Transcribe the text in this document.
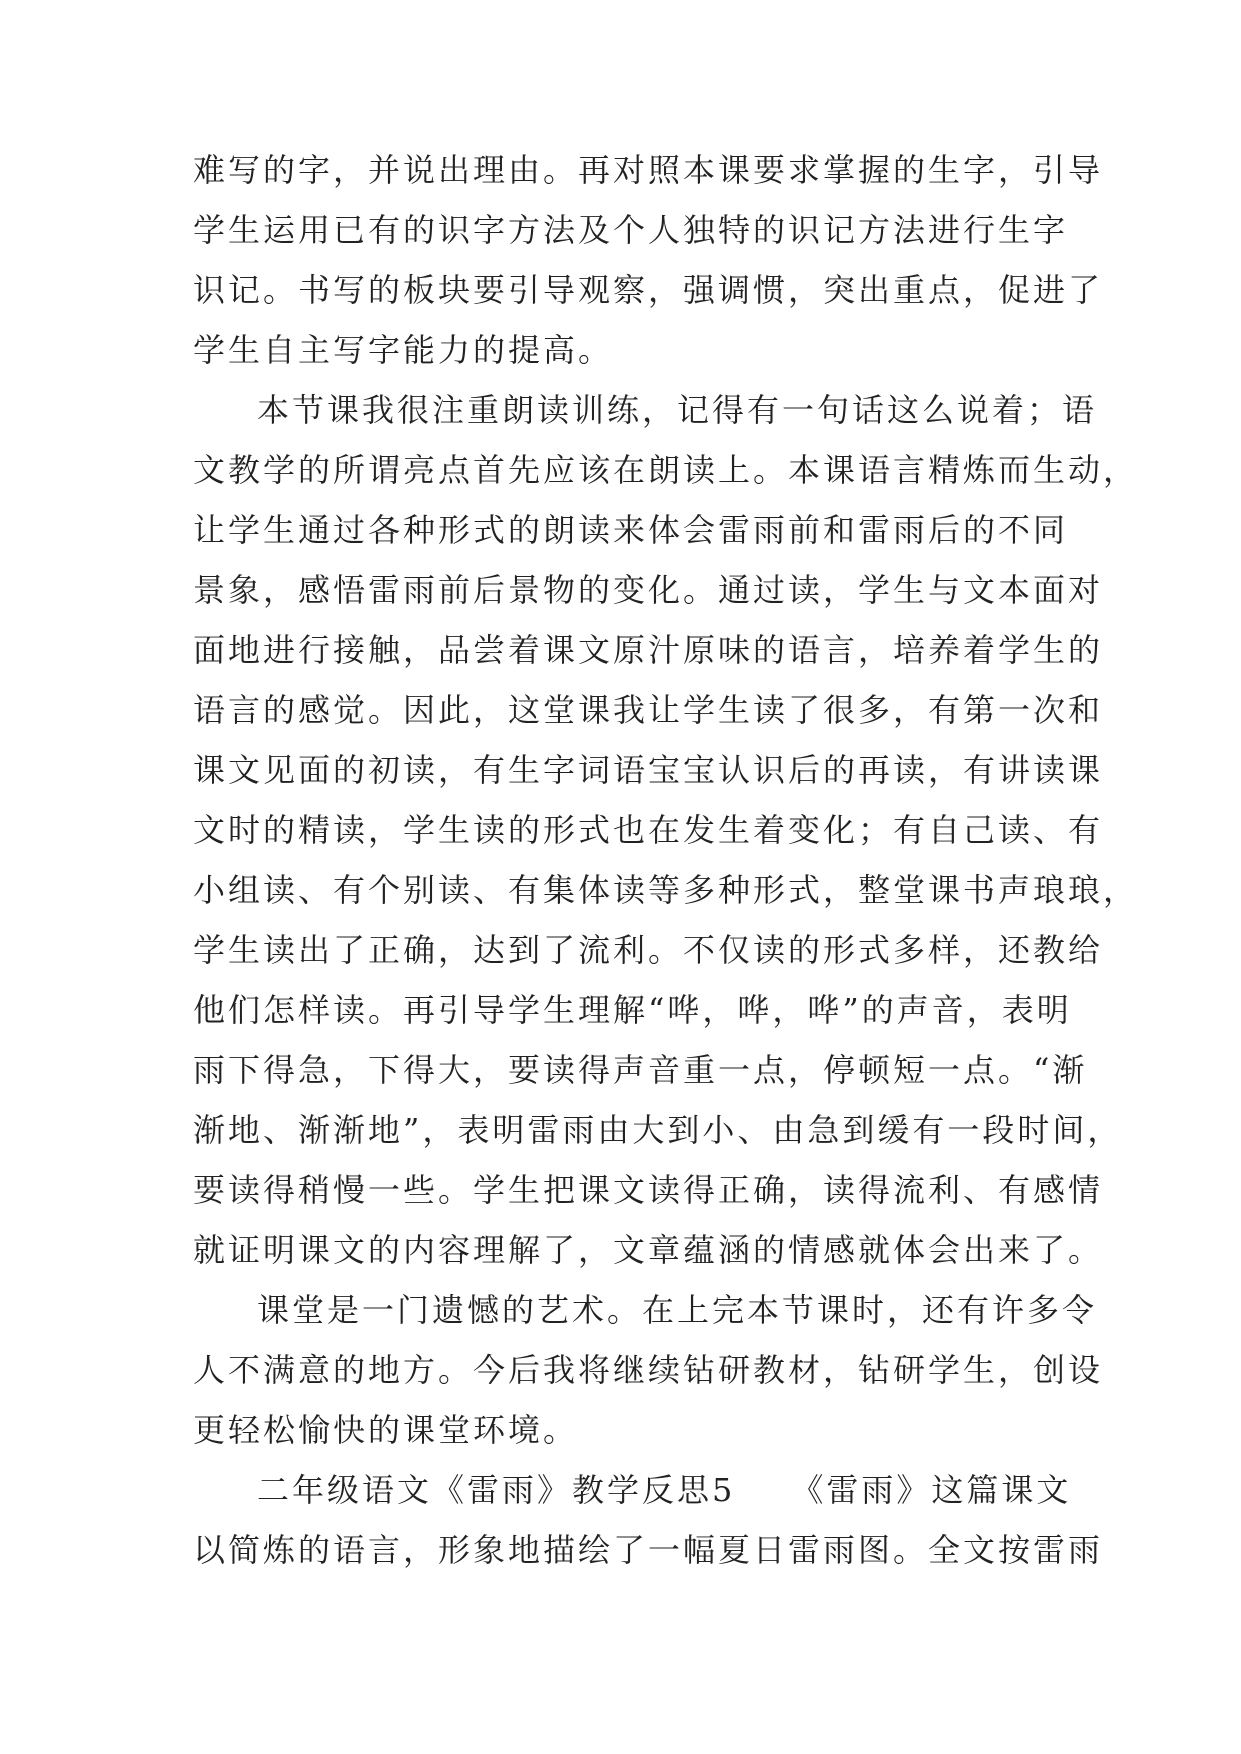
难写的字，并说出理由。再对照本课要求掌握的生字，引导
学生运用已有的识字方法及个人独特的识记方法进行生字
识记。书写的板块要引导观察，强调惯，突出重点，促进了
学生自主写字能力的提高。
本节课我很注重朗读训练，记得有一句话这么说着；语
文教学的所谓亮点首先应该在朗读上。本课语言精炼而生动，
让学生通过各种形式的朗读来体会雷雨前和雷雨后的不同
景象，感悟雷雨前后景物的变化。通过读，学生与文本面对
面地进行接触，品尝着课文原汁原味的语言，培养着学生的
语言的感觉。因此，这堂课我让学生读了很多，有第一次和
课文见面的初读，有生字词语宝宝认识后的再读，有讲读课
文时的精读，学生读的形式也在发生着变化；有自己读、有
小组读、有个别读、有集体读等多种形式，整堂课书声琅琅，
学生读出了正确，达到了流利。不仅读的形式多样，还教给
他们怎样读。再引导学生理解“哗，哗，哗”的声音，表明
雨下得急，下得大，要读得声音重一点，停顿短一点。“渐
渐地、渐渐地”，表明雷雨由大到小、由急到缓有一段时间，
要读得稍慢一些。学生把课文读得正确，读得流利、有感情
就证明课文的内容理解了，文章蕴涵的情感就体会出来了。
课堂是一门遗憾的艺术。在上完本节课时，还有许多令
人不满意的地方。今后我将继续钻研教材，钻研学生，创设
更轻松愉快的课堂环境。
二年级语文《雷雨》教学反思5 《雷雨》这篇课文
以简炼的语言，形象地描绘了一幅夏日雷雨图。全文按雷雨
